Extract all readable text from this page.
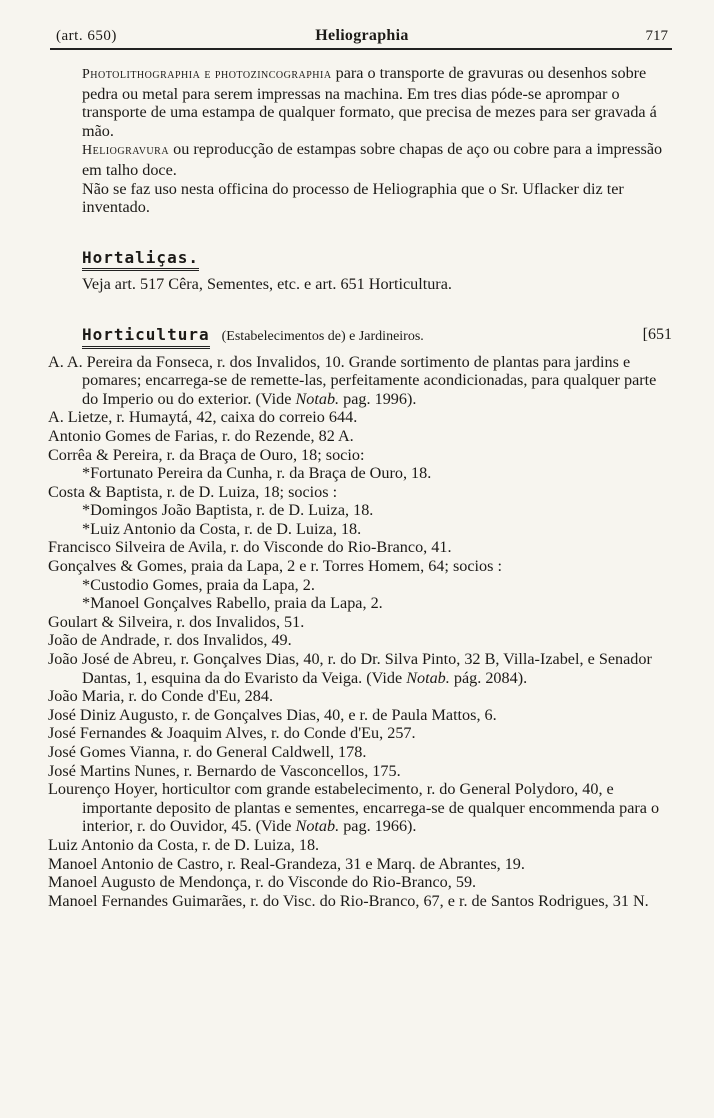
(art. 650)	Heliographia	717

Photolithographia e photozincographia para o transporte de gravuras ou desenhos sobre pedra ou metal para serem impressas na machina. Em tres dias póde-se aprompar o transporte de uma estampa de qualquer formato, que precisa de mezes para ser gravada á mão.

Heliogravura ou reproducção de estampas sobre chapas de aço ou cobre para a impressão em talho doce.

Não se faz uso nesta officina do processo de Heliographia que o Sr. Uflacker diz ter inventado.

Hortaliças.

Veja art. 517 Cêra, Sementes, etc. e art. 651 Horticultura.

Horticultura (Estabelecimentos de) e Jardineiros.	[651

A. A. Pereira da Fonseca, r. dos Invalidos, 10. Grande sortimento de plantas para jardins e pomares; encarrega-se de remette-las, perfeitamente acondicionadas, para qualquer parte do Imperio ou do exterior. (Vide Notab. pag. 1996).

A. Lietze, r. Humaytá, 42, caixa do correio 644.

Antonio Gomes de Farias, r. do Rezende, 82 A.

Corrêa & Pereira, r. da Braça de Ouro, 18; socio:

*Fortunato Pereira da Cunha, r. da Braça de Ouro, 18.

Costa & Baptista, r. de D. Luiza, 18; socios :

*Domingos João Baptista, r. de D. Luiza, 18.

*Luiz Antonio da Costa, r. de D. Luiza, 18.

Francisco Silveira de Avila, r. do Visconde do Rio-Branco, 41.

Gonçalves & Gomes, praia da Lapa, 2 e r. Torres Homem, 64; socios :

*Custodio Gomes, praia da Lapa, 2.

*Manoel Gonçalves Rabello, praia da Lapa, 2.

Goulart & Silveira, r. dos Invalidos, 51.

João de Andrade, r. dos Invalidos, 49.

João José de Abreu, r. Gonçalves Dias, 40, r. do Dr. Silva Pinto, 32 B, Villa-Izabel, e Senador Dantas, 1, esquina da do Evaristo da Veiga. (Vide Notab. pág. 2084).

João Maria, r. do Conde d'Eu, 284.

José Diniz Augusto, r. de Gonçalves Dias, 40, e r. de Paula Mattos, 6.

José Fernandes & Joaquim Alves, r. do Conde d'Eu, 257.

José Gomes Vianna, r. do General Caldwell, 178.

José Martins Nunes, r. Bernardo de Vasconcellos, 175.

Lourenço Hoyer, horticultor com grande estabelecimento, r. do General Polydoro, 40, e importante deposito de plantas e sementes, encarrega-se de qualquer encommenda para o interior, r. do Ouvidor, 45. (Vide Notab. pag. 1966).

Luiz Antonio da Costa, r. de D. Luiza, 18.

Manoel Antonio de Castro, r. Real-Grandeza, 31 e Marq. de Abrantes, 19.

Manoel Augusto de Mendonça, r. do Visconde do Rio-Branco, 59.

Manoel Fernandes Guimarães, r. do Visc. do Rio-Branco, 67, e r. de Santos Rodrigues, 31 N.
